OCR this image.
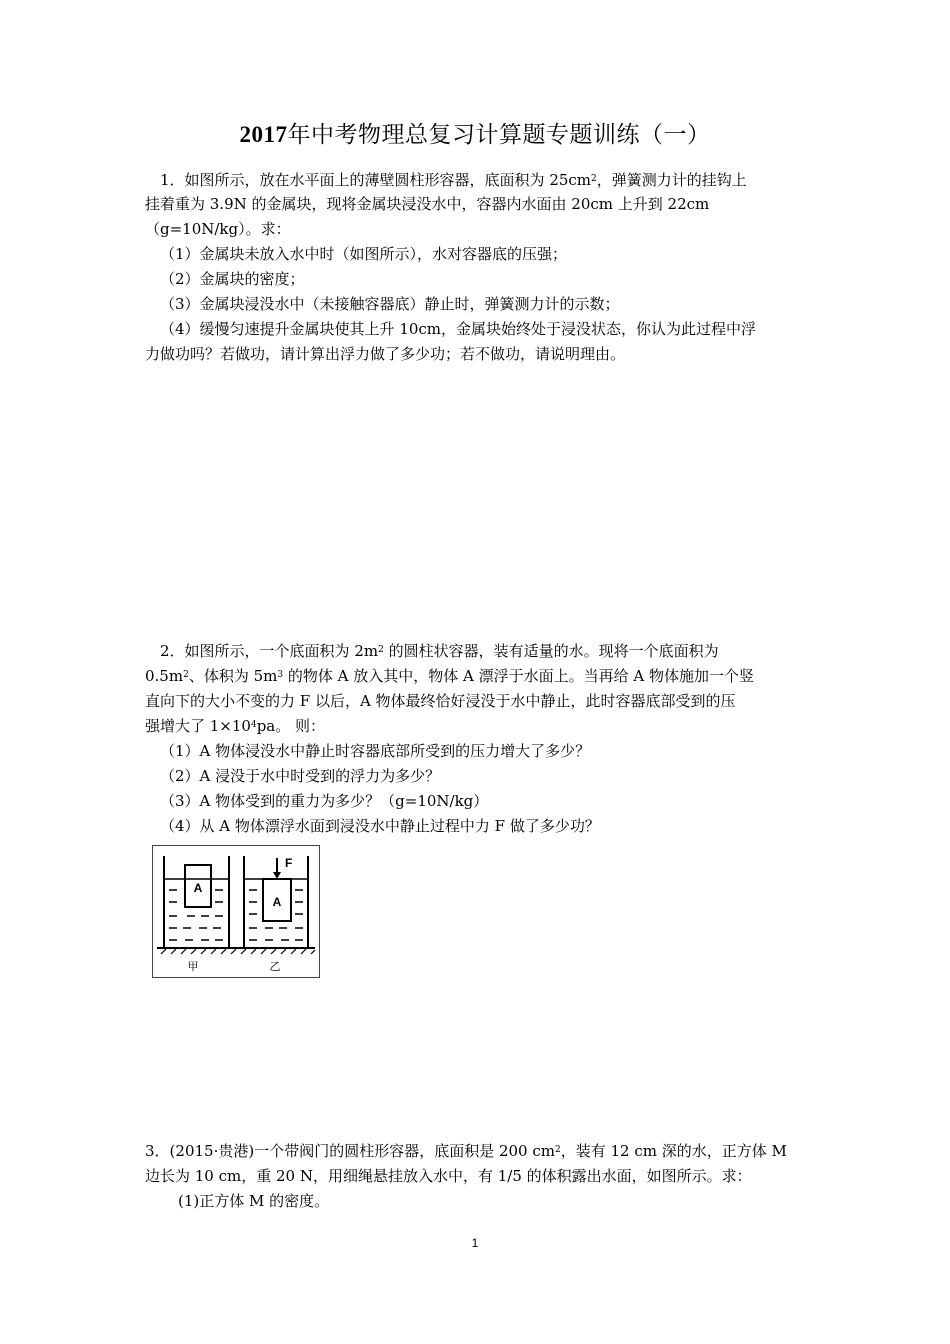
2017年中考物理总复习计算题专题训练（一）
1．如图所示，放在水平面上的薄壁圆柱形容器，底面积为 $25cm^2$，弹簧测力计的挂钩上
挂着重为 3.9N 的金属块，现将金属块浸没水中，容器内水面由 20cm 上升到 22cm
（g=10N/kg）。求：
（1）金属块未放入水中时（如图所示），水对容器底的压强；
（2）金属块的密度；
（3）金属块浸没水中（未接触容器底）静止时，弹簧测力计的示数；
（4）缓慢匀速提升金属块使其上升 10cm，金属块始终处于浸没状态，你认为此过程中浮
力做功吗？若做功，请计算出浮力做了多少功；若不做功，请说明理由。
2．如图所示，一个底面积为 $2m^2$ 的圆柱状容器，装有适量的水。现将一个底面积为
$0.5m^2$、体积为 $5m^3$ 的物体 A 放入其中，物体 A 漂浮于水面上。当再给 A 物体施加一个竖
直向下的大小不变的力 F 以后，A 物体最终恰好浸没于水中静止，此时容器底部受到的压
强增大了 $1\times 10^4pa$。 则：
（1）A 物体浸没水中静止时容器底部所受到的压力增大了多少？
（2）A 浸没于水中时受到的浮力为多少？
（3）A 物体受到的重力为多少？（g=10N/kg）
（4）从 A 物体漂浮水面到浸没水中静止过程中力 F 做了多少功？
A
A
F
甲	乙
3．(2015·贵港)一个带阀门的圆柱形容器，底面积是 200 $cm^2$，装有 12 cm 深的水，正方体 M
边长为 10 cm，重 20 N，用细绳悬挂放入水中，有 1/5 的体积露出水面，如图所示。求：
(1)正方体 M 的密度。
1
